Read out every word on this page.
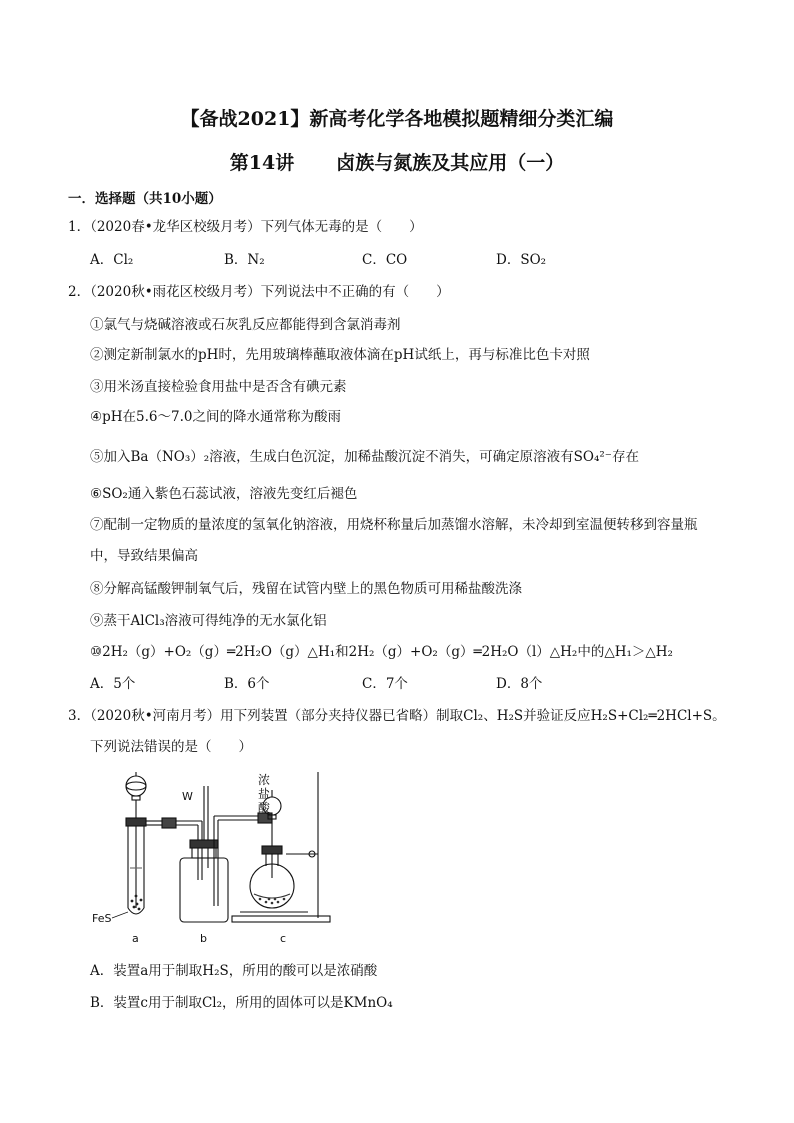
【备战2021】新高考化学各地模拟题精细分类汇编
第14讲 卤族与氮族及其应用（一）
一．选择题（共10小题）
1．（2020春•龙华区校级月考）下列气体无毒的是（　　）
A．Cl₂	B．N₂	C．CO	D．SO₂
2．（2020秋•雨花区校级月考）下列说法中不正确的有（　　）
①氯气与烧碱溶液或石灰乳反应都能得到含氯消毒剂
②测定新制氯水的pH时，先用玻璃棒蘸取液体滴在pH试纸上，再与标准比色卡对照
③用米汤直接检验食用盐中是否含有碘元素
④pH在5.6～7.0之间的降水通常称为酸雨
⑤加入Ba（NO₃）₂溶液，生成白色沉淀，加稀盐酸沉淀不消失，可确定原溶液有SO₄²⁻存在
⑥SO₂通入紫色石蕊试液，溶液先变红后褪色
⑦配制一定物质的量浓度的氢氧化钠溶液，用烧杯称量后加蒸馏水溶解，未冷却到室温便转移到容量瓶
中，导致结果偏高
⑧分解高锰酸钾制氧气后，残留在试管内壁上的黑色物质可用稀盐酸洗涤
⑨蒸干AlCl₃溶液可得纯净的无水氯化铝
⑩2H₂（g）+O₂（g）═2H₂O（g）△H₁和2H₂（g）+O₂（g）═2H₂O（l）△H₂中的△H₁＞△H₂
A．5个	B．6个	C．7个	D．8个
3．（2020秋•河南月考）用下列装置（部分夹持仪器已省略）制取Cl₂、H₂S并验证反应H₂S+Cl₂═2HCl+S。
下列说法错误的是（　　）
FeS
a	b	c
W
浓
盐
酸
A．装置a用于制取H₂S，所用的酸可以是浓硝酸
B．装置c用于制取Cl₂，所用的固体可以是KMnO₄
